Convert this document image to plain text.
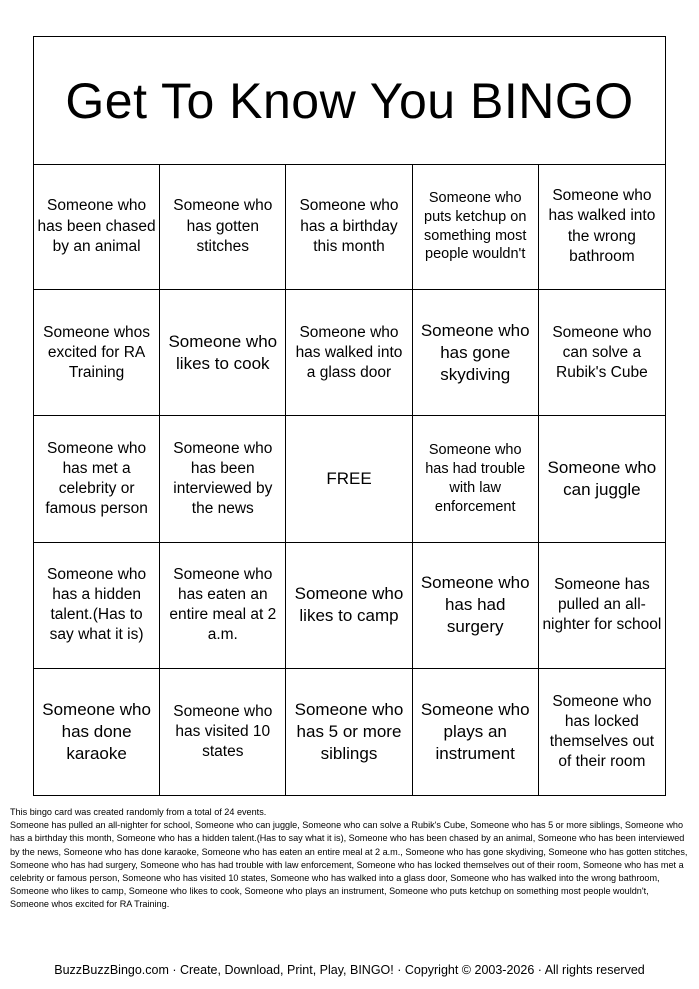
Get To Know You BINGO
Someone who has been chased by an animal
Someone who has gotten stitches
Someone who has a birthday this month
Someone who puts ketchup on something most people wouldn't
Someone who has walked into the wrong bathroom
Someone whos excited for RA Training
Someone who likes to cook
Someone who has walked into a glass door
Someone who has gone skydiving
Someone who can solve a Rubik's Cube
Someone who has met a celebrity or famous person
Someone who has been interviewed by the news
FREE
Someone who has had trouble with law enforcement
Someone who can juggle
Someone who has a hidden talent.(Has to say what it is)
Someone who has eaten an entire meal at 2 a.m.
Someone who likes to camp
Someone who has had surgery
Someone has pulled an all-nighter for school
Someone who has done karaoke
Someone who has visited 10 states
Someone who has 5 or more siblings
Someone who plays an instrument
Someone who has locked themselves out of their room

This bingo card was created randomly from a total of 24 events.

Someone has pulled an all-nighter for school, Someone who can juggle, Someone who can solve a Rubik's Cube, Someone who has 5 or more siblings, Someone who has a birthday this month, Someone who has a hidden talent.(Has to say what it is), Someone who has been chased by an animal, Someone who has been interviewed by the news, Someone who has done karaoke, Someone who has eaten an entire meal at 2 a.m., Someone who has gone skydiving, Someone who has gotten stitches, Someone who has had surgery, Someone who has had trouble with law enforcement, Someone who has locked themselves out of their room, Someone who has met a celebrity or famous person, Someone who has visited 10 states, Someone who has walked into a glass door, Someone who has walked into the wrong bathroom, Someone who likes to camp, Someone who likes to cook, Someone who plays an instrument, Someone who puts ketchup on something most people wouldn't, Someone whos excited for RA Training.

BuzzBuzzBingo.com · Create, Download, Print, Play, BINGO! · Copyright © 2003-2026 · All rights reserved
